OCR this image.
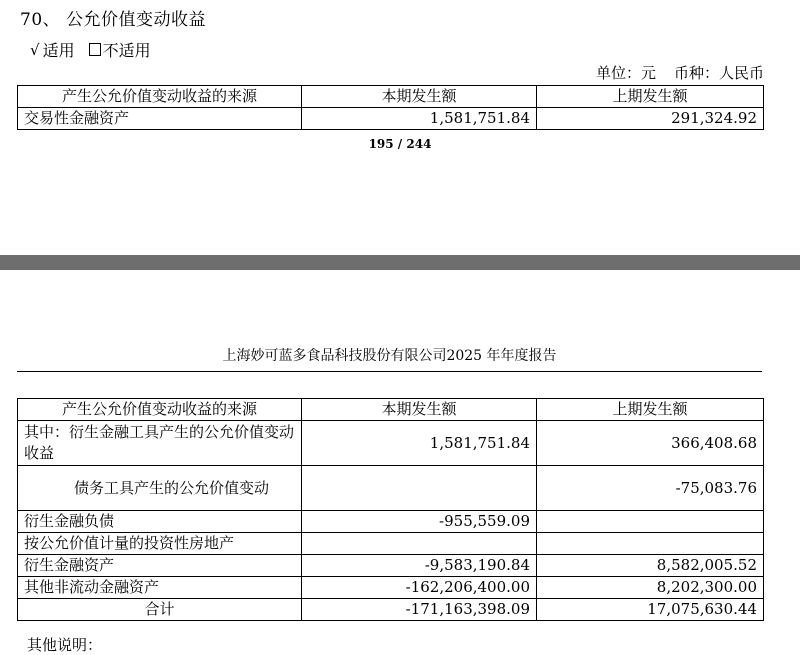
70、 公允价值变动收益
√ 适用 不适用
单位：元 币种：人民币
产生公允价值变动收益的来源	本期发生额	上期发生额
交易性金融资产	1,581,751.84	291,324.92
195 / 244
上海妙可蓝多食品科技股份有限公司2025 年年度报告
产生公允价值变动收益的来源	本期发生额	上期发生额
其中：衍生金融工具产生的公允价值变动收益	1,581,751.84	366,408.68
债务工具产生的公允价值变动		-75,083.76
衍生金融负债	-955,559.09	
按公允价值计量的投资性房地产		
衍生金融资产	-9,583,190.84	8,582,005.52
其他非流动金融资产	-162,206,400.00	8,202,300.00
合计	-171,163,398.09	17,075,630.44
其他说明：
